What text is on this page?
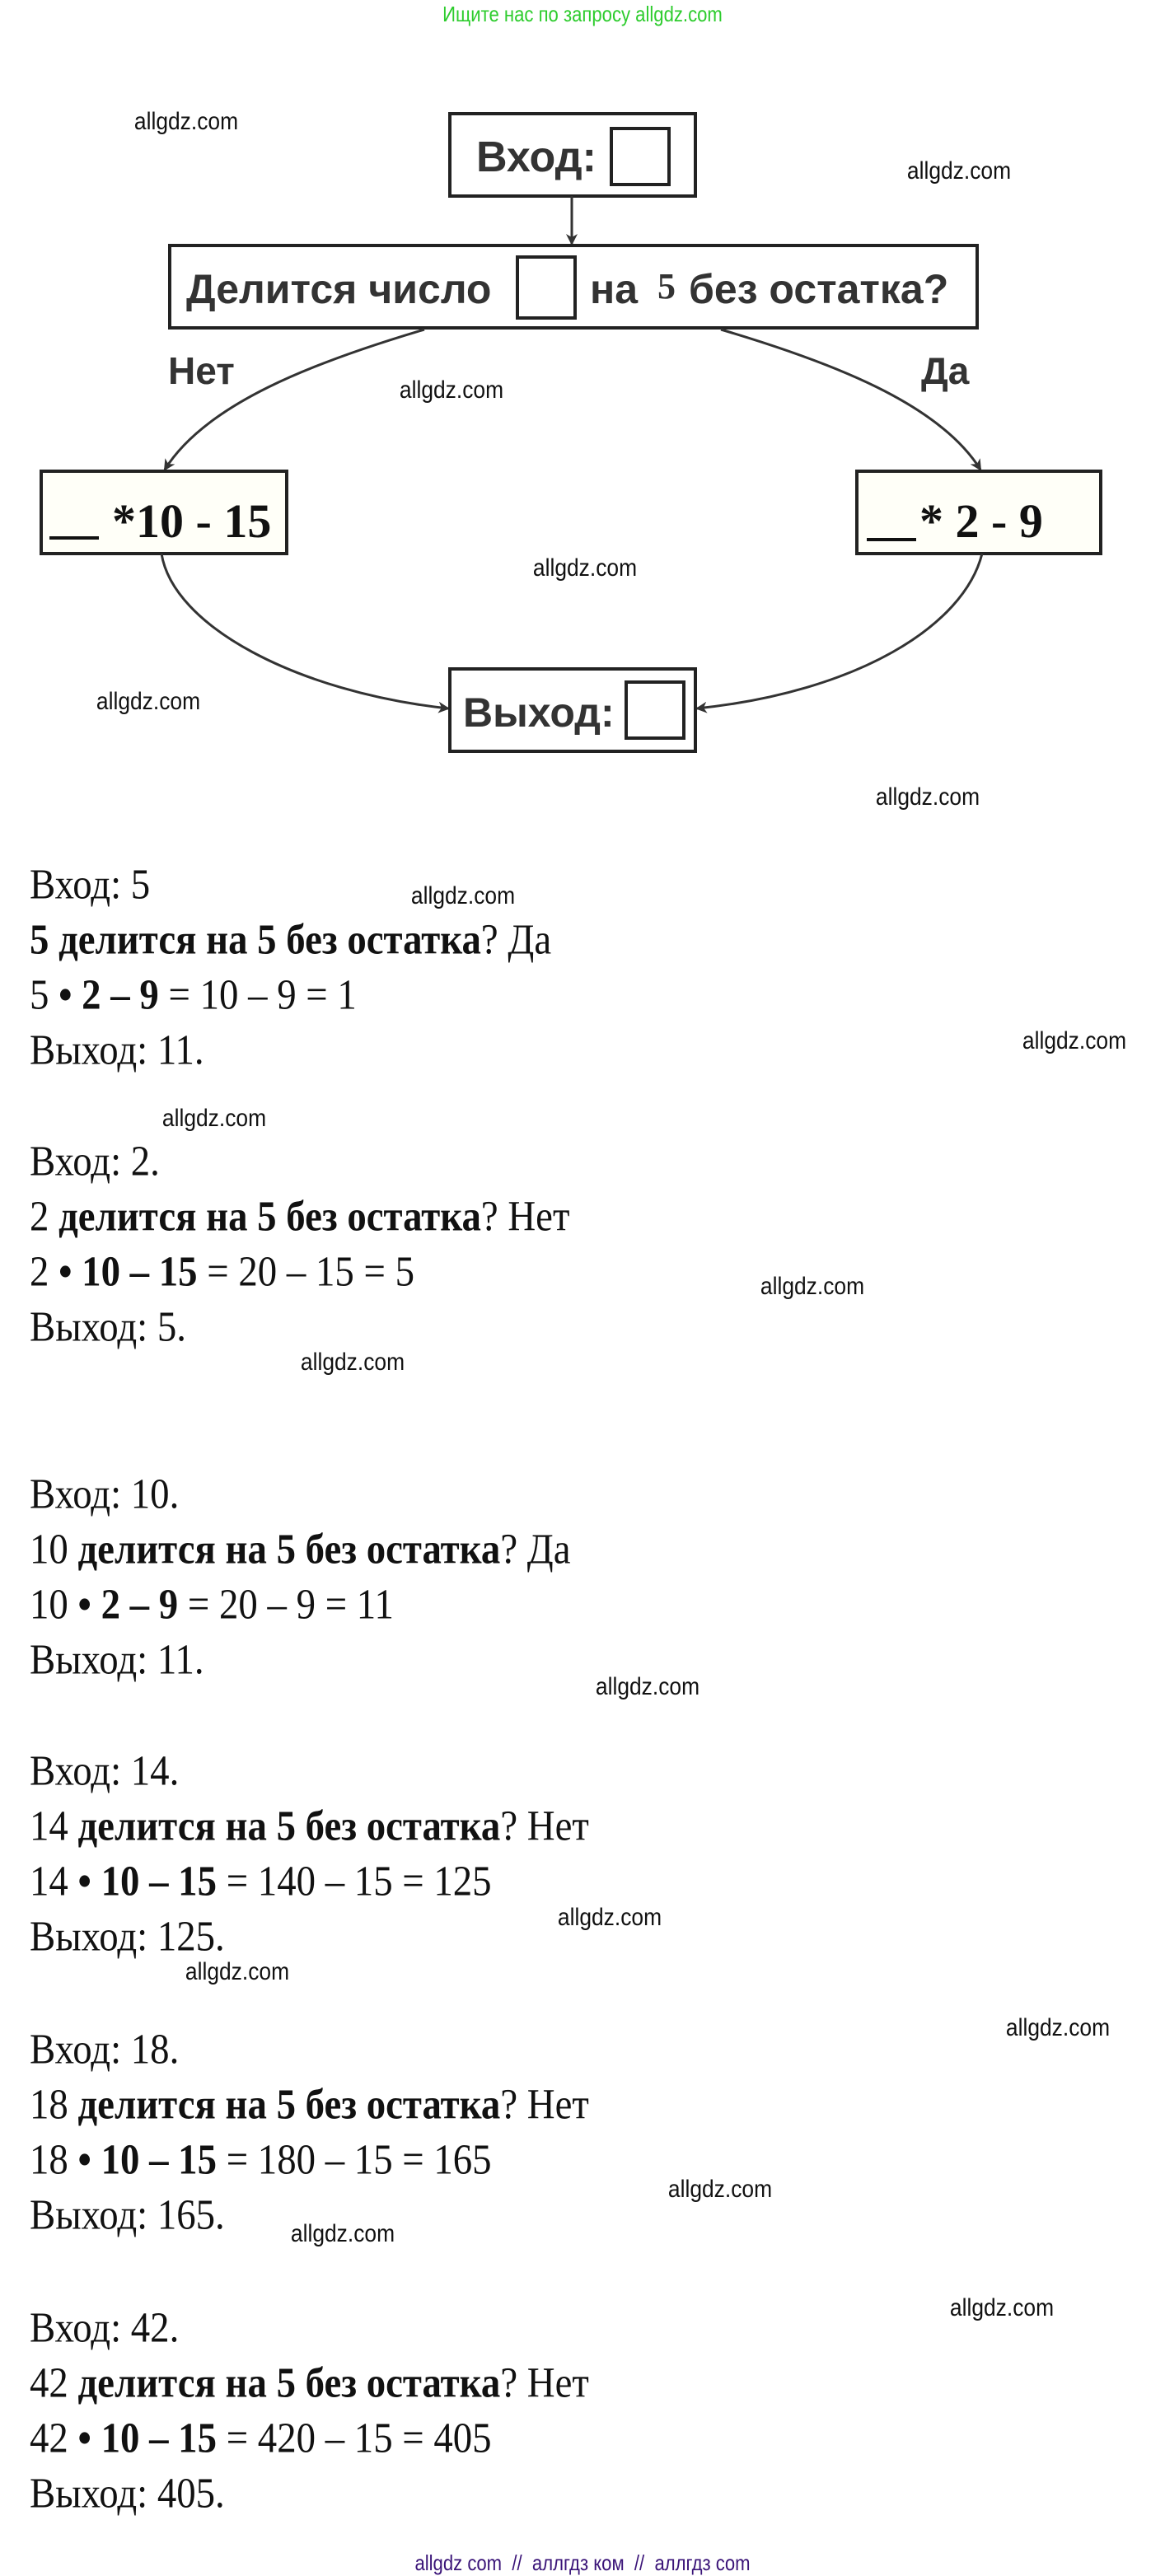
Ищите нас по запросу allgdz.com
Вход:
Делится число на 5 без остатка?
Нет	Да
*10 - 15	* 2 - 9
Выход:
allgdz.com
allgdz.com
allgdz.com
allgdz.com
allgdz.com
allgdz.com
allgdz.com
allgdz.com
allgdz.com
allgdz.com
allgdz.com
allgdz.com
allgdz.com
allgdz.com
allgdz.com
allgdz.com
allgdz.com
allgdz.com
Вход: 5
5 делится на 5 без остатка? Да
5 • 2 – 9 = 10 – 9 = 1
Выход: 11.
Вход: 2.
2 делится на 5 без остатка? Нет
2 • 10 – 15 = 20 – 15 = 5
Выход: 5.
Вход: 10.
10 делится на 5 без остатка? Да
10 • 2 – 9 = 20 – 9 = 11
Выход: 11.
Вход: 14.
14 делится на 5 без остатка? Нет
14 • 10 – 15 = 140 – 15 = 125
Выход: 125.
Вход: 18.
18 делится на 5 без остатка? Нет
18 • 10 – 15 = 180 – 15 = 165
Выход: 165.
Вход: 42.
42 делится на 5 без остатка? Нет
42 • 10 – 15 = 420 – 15 = 405
Выход: 405.
allgdz com  //  аллгдз ком  //  аллгдз com
